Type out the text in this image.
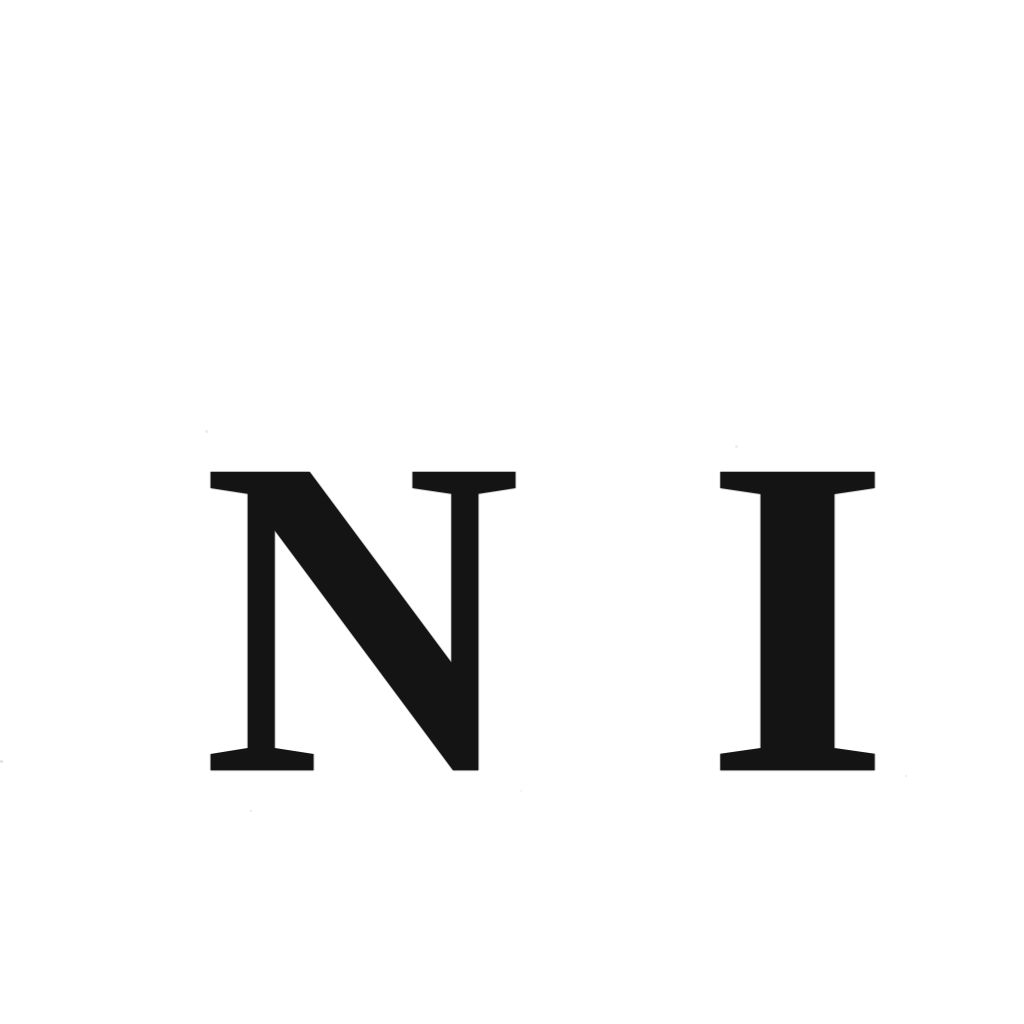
N I
